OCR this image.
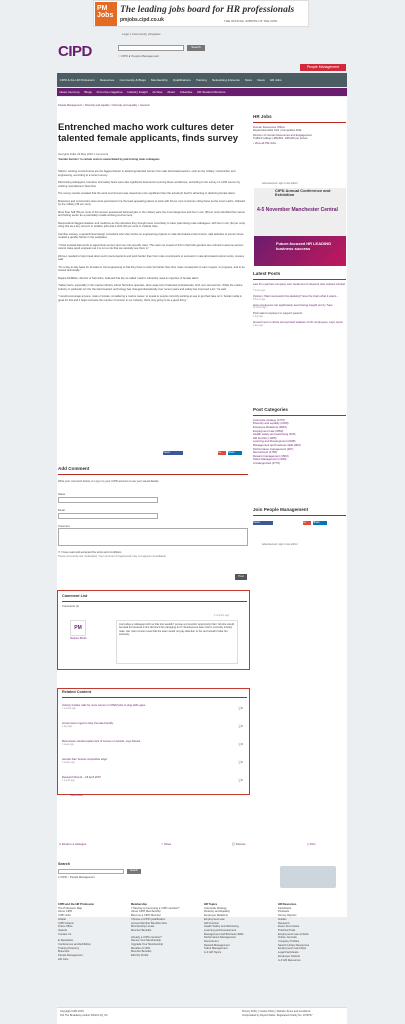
PM Jobs
The leading jobs board for HR professionals
pmjobs.cipd.co.uk	THE OFFICIAL JOBSITE OF THE CIPD
Login | Community | Register
CIPD	Search
○ CIPD ● People Management
People Management
CIPD & the HR Profession Resources Community & Blogs Membership Qualifications Training Networking & Events Store News HR Jobs
News round up Blogs From the magazine Industry Insight Archive About Advertise HR Student Directors
People Management > Diversity and equality > Diversity and equality > General
Entrenched macho work cultures deter talented female applicants, finds survey
Georgina Fuller 29 May 2015 1 comments
'Gender barriers' in certain sectors exacerbated by patronising male colleagues

'Macho' working environments are the biggest barrier to attracting talented women into male dominated sectors, such as the military, construction and engineering, according to a recent survey.

Patronising colleagues, boredom and safety fears were also significant deterrents to joining these workforces, according to the survey of 1,000 women by clothing manufacturer Stormline.

The survey results revealed that the work environment was viewed as more significant than the actual job itself in attracting or deterring female talent.

Breweries and construction sites were perceived to be the least appealing places to work with 40 per cent of women citing these as the most macho, followed by the military (38 per cent).

More than half (59 per cent) of the women questioned believed jobs in the military were the most dangerous and four in ten (38 per cent) identified the marine and fishing sector as a potentially unsafe working environment.

Respondents flagged isolation and medicine as the industries they thought were most likely to have patronising male colleagues, with four in ten (42 per cent) citing this as a key concern in aviation jobs and a third (32 per cent) in medical roles.

Caroline Livesey, a geotechnical design consultant who often works on engineering projects in male-dominated environments, said attitudes to women show created a gender barrier in the workplace.

"I think societal bias tends to pigeonhole women and men into specific roles. The vision an impact of this is that both genders are inclined to assume women cannot make good engineers as it is not a role that we naturally see them in."

Women needed to help break down such preconceptions and work harder than their male counterparts to succeed in male dominated environments, Livesey said.

"On a day-to-day basis for females in civil engineering is that they have to work far harder than their male counterparts to earn respect, to progress, and to be trusted technically."

Regina McMillan, director of Stormline, believed that the so-called 'macho' industries need an injection of female talent.

"Safety fears, especially in the marine industry where Stormline operates, drive away lots of talented professionals, both men and women. While the marine industry in particular isn't for the faint-hearted, technology has changed dramatically over recent years and safety has improved a lot," he said.

"I would encourage anyone, male or female, considering a marine career, to speak to people currently working at sea to get their take on it. Social media is great for this and it helps increase the number of women in our industry, that's only going to be a good thing."

Tweet	G+	Share
Add Comment
Write your comment below, or Log in to your CIPD account to use your saved details
Name
Email
Comment
☐ I have read and accepted the terms and conditions
These comments are moderated. Your comment (if approved) may not appear immediately.
Post
Comment List
Comments (1)
PM
Stephen Booth
4 months ago
Just today a colleague told me that she wouldn't pursue a promotion opportunity that I felt she would be ideal for because if she did she'd be managing an IT development team that is currently entirely male. Her main concern was that the team would not pay attention to her and wouldn't take her seriously.
Related Content
Industry bodies calls for more women in STEM jobs to plug skills gaps
7 months ago	💬0
Government urged to help 'Female-friendly'
1 day ago	💬0
Businesses should explain lack of women on boards, says Davies
1 week ago	💬0
Gender bias 'boosts competitive edge'
3 weeks ago	💬0
Research Round – 18 April 2007
1 month ago	💬0
View More
HR Jobs
Human Resources Officer
Royal Automobile Club | Competitive DOE
Director of Human Resources and Engagement
Trafford College | £55,803 - £65,000 per annum
› View all PM Jobs
Advertisement: sign it now with/or
CIPD Annual Conference and Exhibition
4-5 November Manchester Central
Future-focused HR LEADING business success
Latest Posts
Law firm quizzes company over treatment of cleaners who worked minister ...
7 hours ago
Opinion: Want successful hot-desking? Give the brain what it wants...
8 hours ago
How employees can legitimately avoid being caught out by Tupe
10 hours ago
PwC talent employer to support parents
1 day ago
Government to share anonymised salaries of UK employees, says report
1 day ago
Post Categories
Corporate strategy (4707)
Diversity and equality (2349)
Employee Relations (2843)
Employment Law (4052)
Health safety and well-being (616)
HR function (1305)
Learning and Development (2348)
Management and business skills (800)
Performance management (407)
Recruitment (1759)
Reward management (1503)
Talent Management (1339)
Uncategorized (2776)
Join People Management
Tweet	G+	Share
Advertisement: sign it now with/or
✉ Email to a colleague	⇪ Share	💬 Discuss	⎙ Print
Search
Search
● CIPD ○ People Management
CIPD and the HR Profession
The Profession Map
About CIPD
CIPD Jobs
Global
CIPD Ireland
Press Office
Awards
Contact Us
E-Newsletter
Conferences and Exhibition
Training Directory
Branches
People Management
HR Jobs
Membership
7 Moving up becoming a CIPD member?
About CIPD Membership
Become a CIPD Member
Choose a CIPD Qualification
Access Member Benefits Now
Membership Levels
Member Benefits
Already a CIPD member?
Renew Your Membership
Upgrade Your Membership
Benefits of CPD
Member Benefits
Edit My Profile
HR Topics
Corporate Strategy
Diversity and Equality
Employee Relations
Employment Law
HR Function
Health Safety and Well-being
Learning and Development
Management and Business Skills
Performance Management
Recruitment
Reward Management
Talent Management
A-Z HR Topics
HR Resources
Factsheets
Podcasts
Survey Reports
Guides
Research
Event Summaries
Practical Tools
Employment Law at Work
Online Journals
Company Profiles
Search Library Resources
Employment Law FAQs
Legal Factsheets
Employee Outlook
A-Z HR Resources
Copyright CIPD 2015
151 The Broadway London SW19 1JQ, UK
Privacy Policy | Cookie Policy | Website Terms and Conditions
Incorporated by Royal Charter, Registered Charity No. 1079797
